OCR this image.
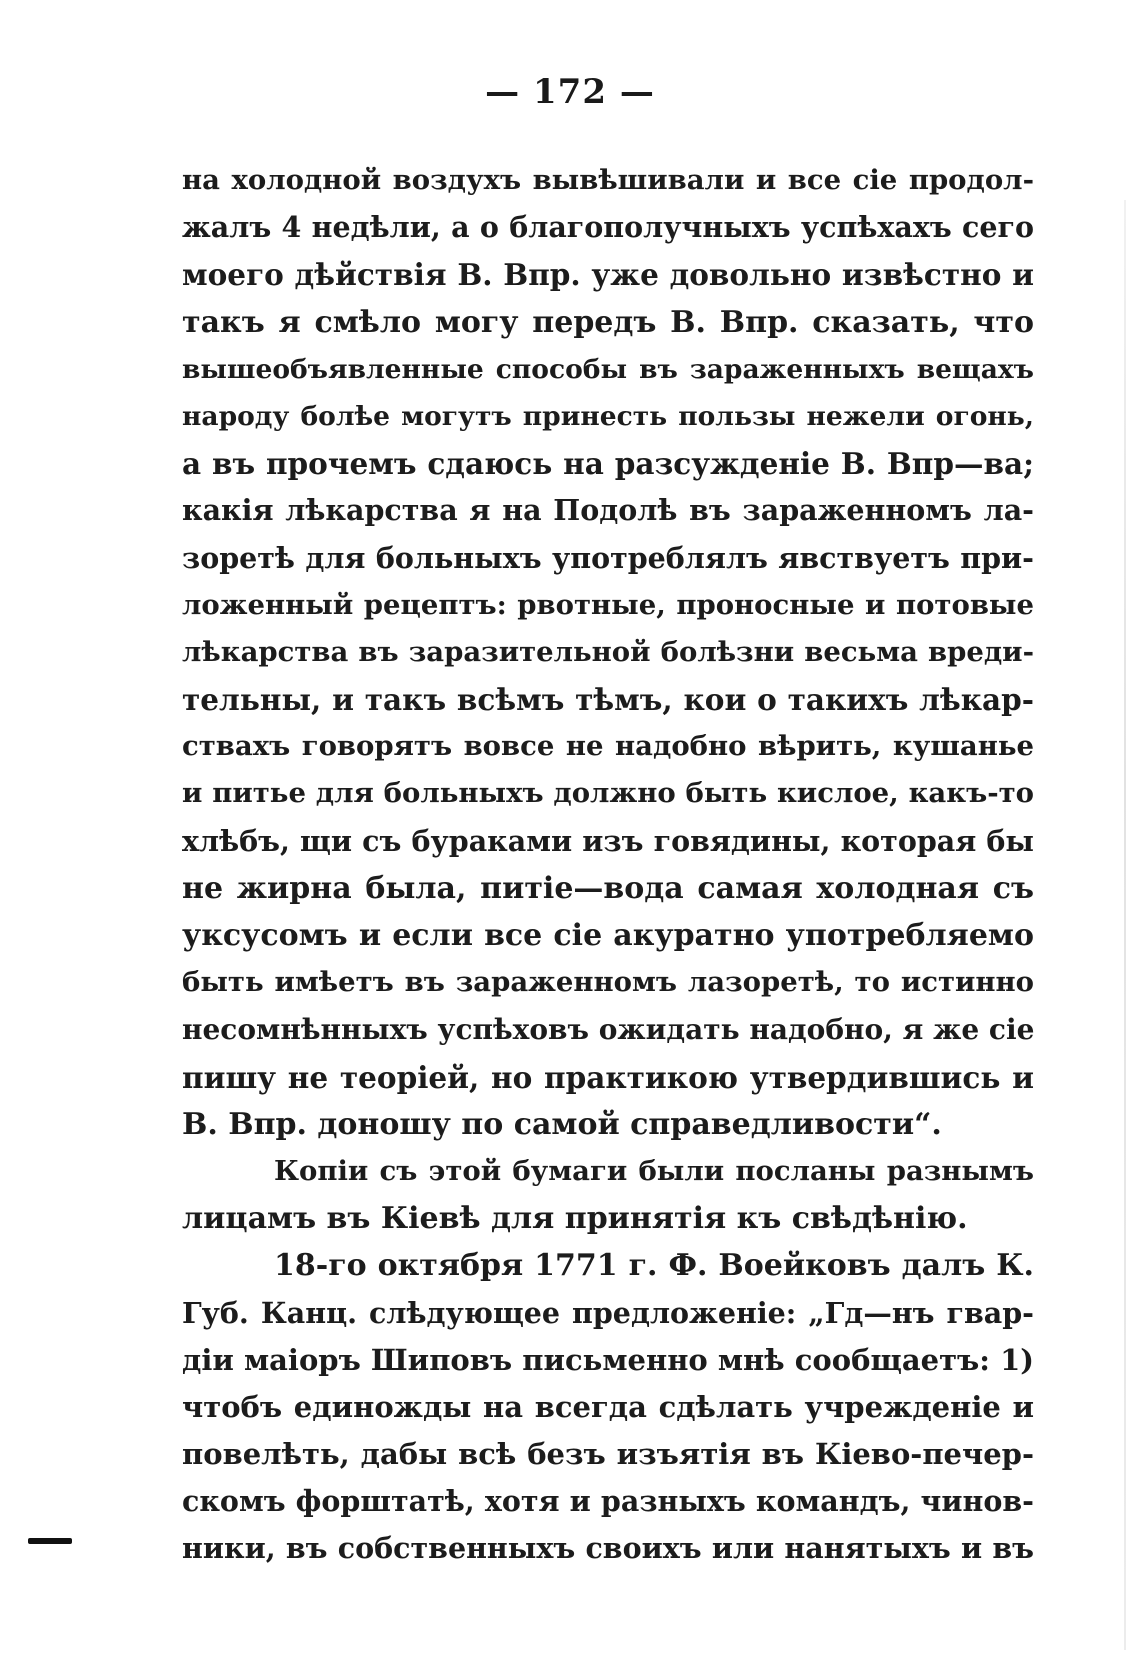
— 172 —
на холодной воздухъ вывѣшивали и все сіе продол-
жалъ 4 недѣли, а о благополучныхъ успѣхахъ сего
моего дѣйствія В. Впр. уже довольно извѣстно и
такъ я смѣло могу передъ В. Впр. сказать, что
вышеобъявленные способы въ зараженныхъ вещахъ
народу болѣе могутъ принесть пользы нежели огонь,
а въ прочемъ сдаюсь на разсужденіе В. Впр—ва;
какія лѣкарства я на Подолѣ въ зараженномъ ла-
зоретѣ для больныхъ употреблялъ явствуетъ при-
ложенный рецептъ: рвотные, проносные и потовые
лѣкарства въ заразительной болѣзни весьма вреди-
тельны, и такъ всѣмъ тѣмъ, кои о такихъ лѣкар-
ствахъ говорятъ вовсе не надобно вѣрить, кушанье
и питье для больныхъ должно быть кислое, какъ-то
хлѣбъ, щи съ бураками изъ говядины, которая бы
не жирна была, питіе—вода самая холодная съ
уксусомъ и если все сіе акуратно употребляемо
быть имѣетъ въ зараженномъ лазоретѣ, то истинно
несомнѣнныхъ успѣховъ ожидать надобно, я же сіе
пишу не теоріей, но практикою утвердившись и
В. Впр. доношу по самой справедливости“.
Копіи съ этой бумаги были посланы разнымъ
лицамъ въ Кіевѣ для принятія къ свѣдѣнію.
18-го октября 1771 г. Ф. Воейковъ далъ К.
Губ. Канц. слѣдующее предложеніе: „Гд—нъ гвар-
діи маіоръ Шиповъ письменно мнѣ сообщаетъ: 1)
чтобъ единожды на всегда сдѣлать учрежденіе и
повелѣть, дабы всѣ безъ изъятія въ Кіево-печер-
скомъ форштатѣ, хотя и разныхъ командъ, чинов-
ники, въ собственныхъ своихъ или нанятыхъ и въ
